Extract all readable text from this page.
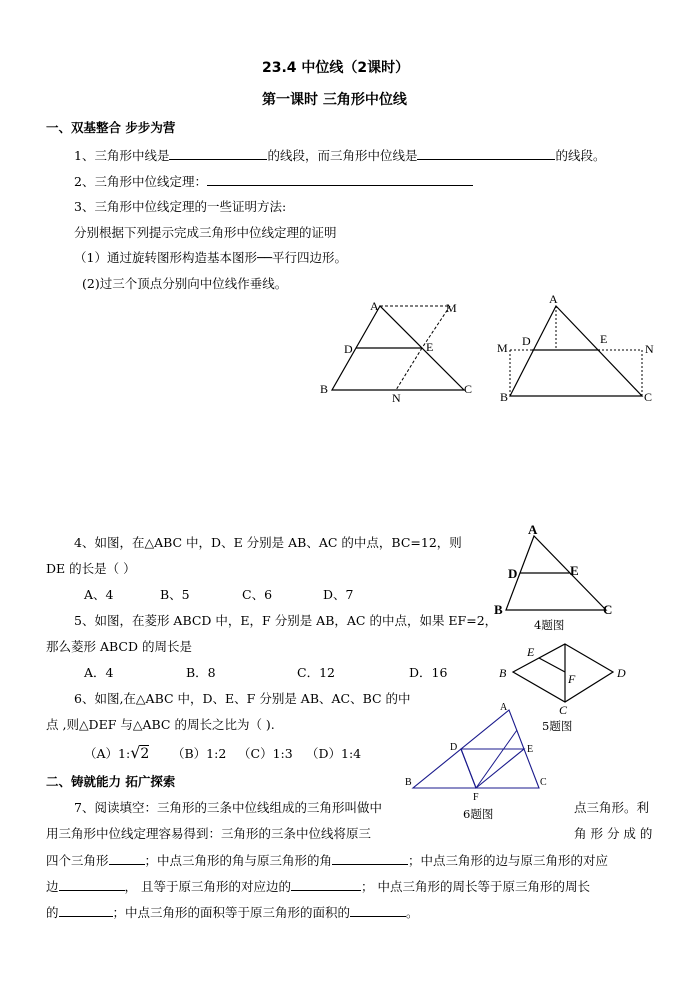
23.4 中位线（2课时）
第一课时 三角形中位线
一、双基整合 步步为营
1、三角形中线是	的线段，而三角形中位线是	的线段。
2、三角形中位线定理：
3、三角形中位线定理的一些证明方法:
分别根据下列提示完成三角形中位线定理的证明
（1）通过旋转图形构造基本图形──平行四边形。
(2)过三个顶点分别向中位线作垂线。
A	M
D	E
B
N
C
A
M D	E
N
B	C
4、如图，在△ABC 中，D、E 分别是 AB、AC 的中点，BC=12，则
DE 的长是（ ）
A、4	B、5	C、6	D、7
A
D	E
B	C
4题图
5、如图，在菱形 ABCD 中，E，F 分别是 AB，AC 的中点，如果 EF=2，
那么菱形 ABCD 的周长是
A．4	B．8	C．12	D．16
E
B	F	D
C
5题图
6、如图,在△ABC 中，D、E、F 分别是 AB、AC、BC 的中
点 ,则△DEF 与△ABC 的周长之比为（ ).
（A）1:√2 （B）1:2 （C）1:3 （D）1:4
A
D	E
B	C
F
6题图
二、铸就能力 拓广探索
7、阅读填空：三角形的三条中位线组成的三角形叫做中	点三角形。利
用三角形中位线定理容易得到：三角形的三条中位线将原三	角 形 分 成 的
四个三角形	；中点三角形的角与原三角形的角	；中点三角形的边与原三角形的对应
边	， 且等于原三角形的对应边的	； 中点三角形的周长等于原三角形的周长
的	；中点三角形的面积等于原三角形的面积的	。
